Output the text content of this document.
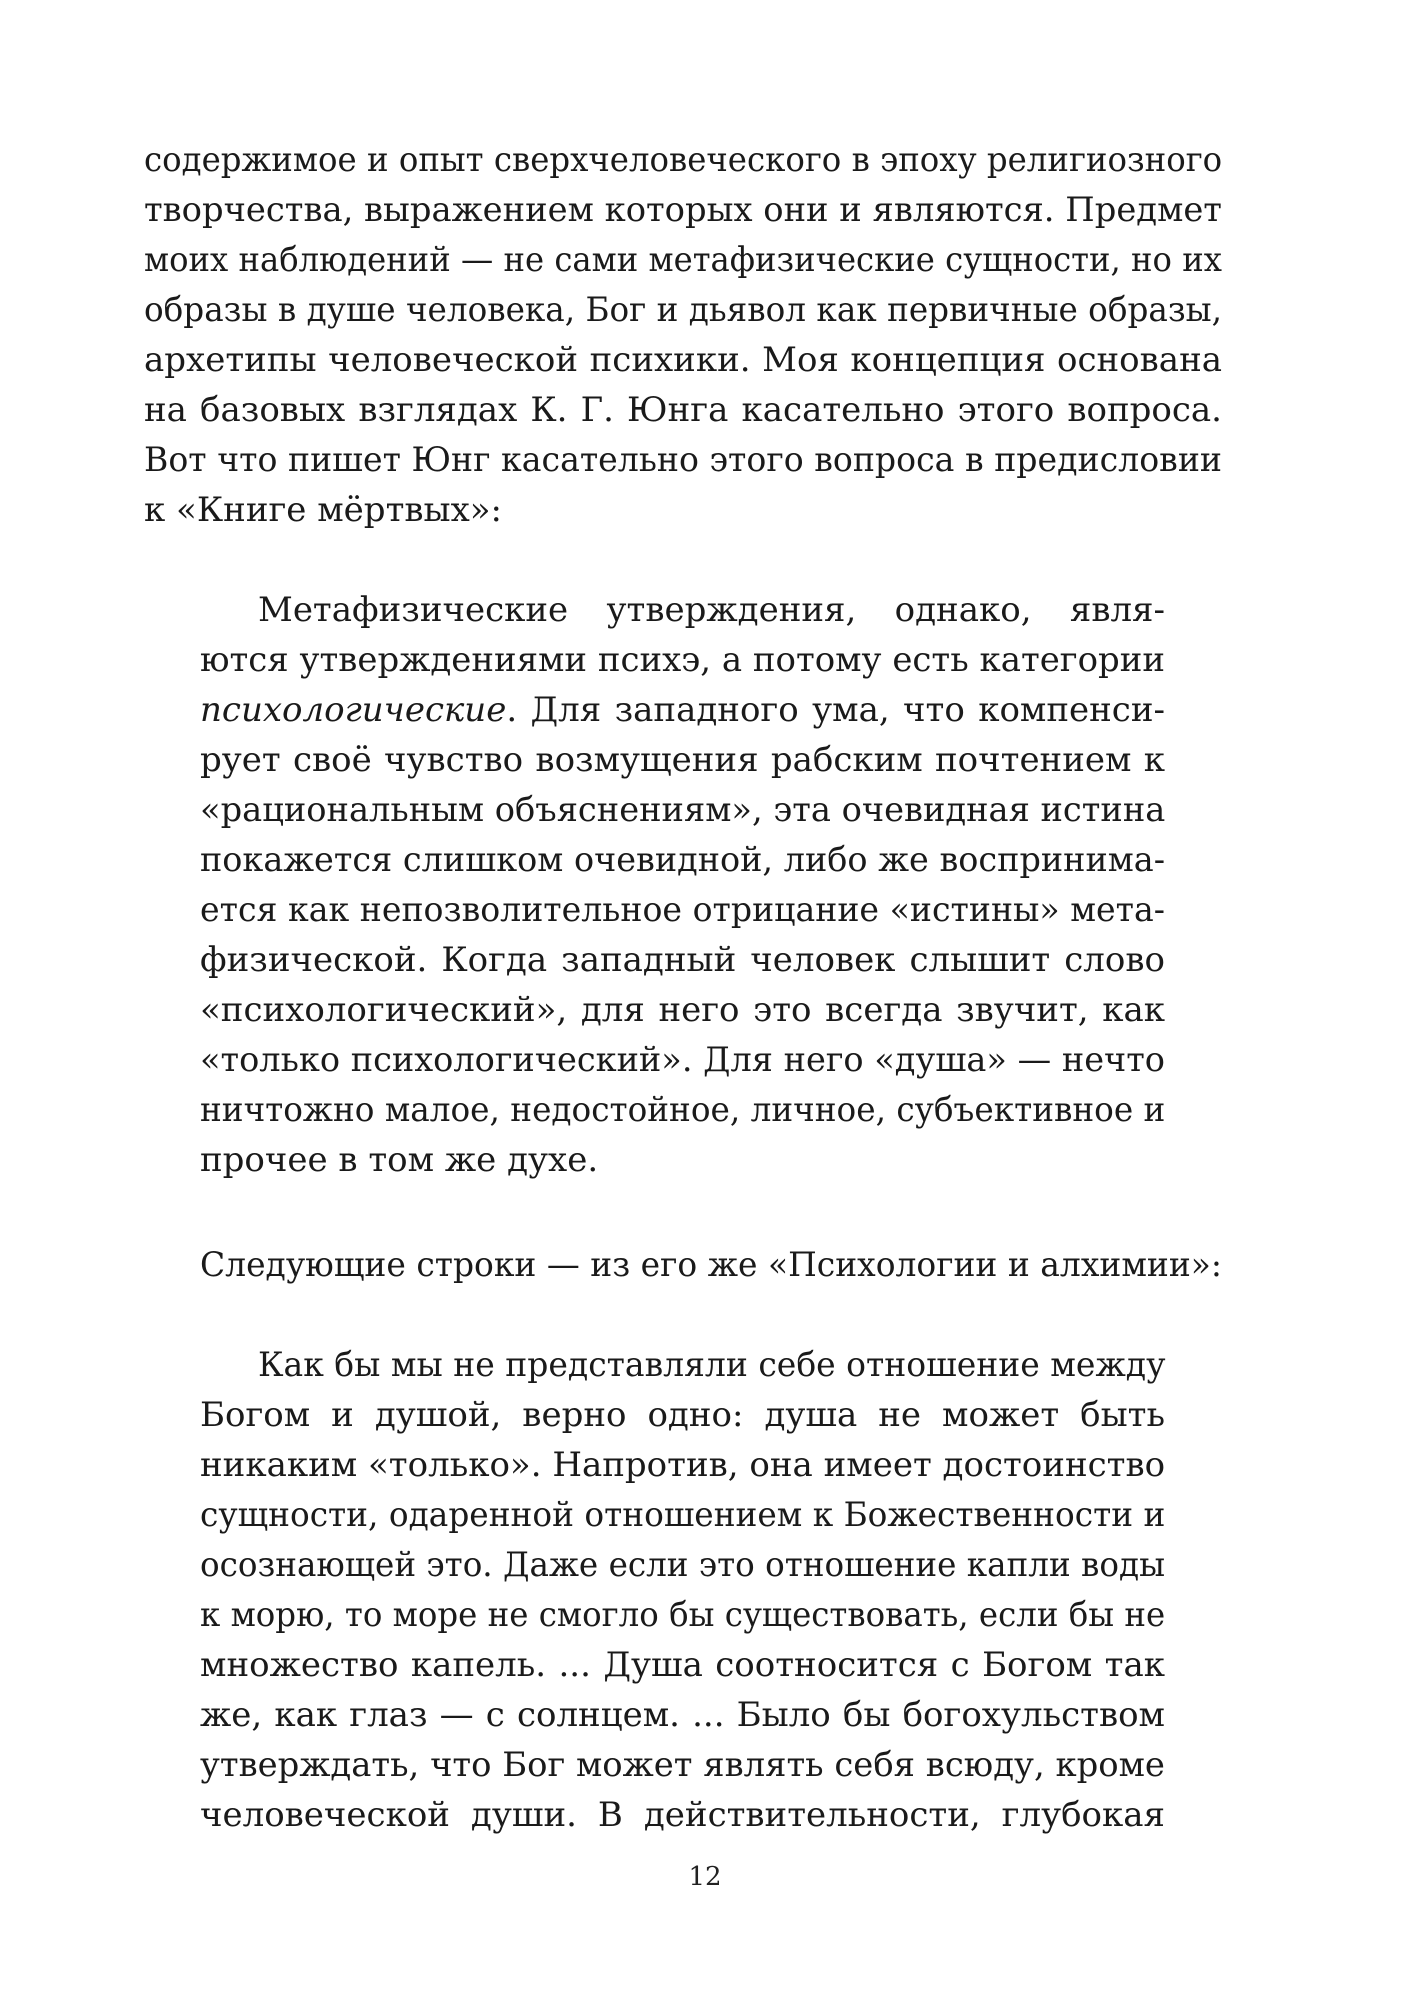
содержимое и опыт сверхчеловеческого в эпоху религиозного
творчества, выражением которых они и являются. Предмет
моих наблюдений — не сами метафизические сущности, но их
образы в душе человека, Бог и дьявол как первичные образы,
архетипы человеческой психики. Моя концепция основана
на базовых взглядах К. Г. Юнга касательно этого вопроса.
Вот что пишет Юнг касательно этого вопроса в предисловии
к «Книге мёртвых»:
Метафизические утверждения, однако, явля-
ются утверждениями психэ, а потому есть категории
психологические. Для западного ума, что компенси-
рует своё чувство возмущения рабским почтением к
«рациональным объяснениям», эта очевидная истина
покажется слишком очевидной, либо же воспринима-
ется как непозволительное отрицание «истины» мета-
физической. Когда западный человек слышит слово
«психологический», для него это всегда звучит, как
«только психологический». Для него «душа» — нечто
ничтожно малое, недостойное, личное, субъективное и
прочее в том же духе.
Следующие строки — из его же «Психологии и алхимии»:
Как бы мы не представляли себе отношение между
Богом и душой, верно одно: душа не может быть
никаким «только». Напротив, она имеет достоинство
сущности, одаренной отношением к Божественности и
осознающей это. Даже если это отношение капли воды
к морю, то море не смогло бы существовать, если бы не
множество капель. ... Душа соотносится с Богом так
же, как глаз — с солнцем. ... Было бы богохульством
утверждать, что Бог может являть себя всюду, кроме
человеческой души. В действительности, глубокая
12
